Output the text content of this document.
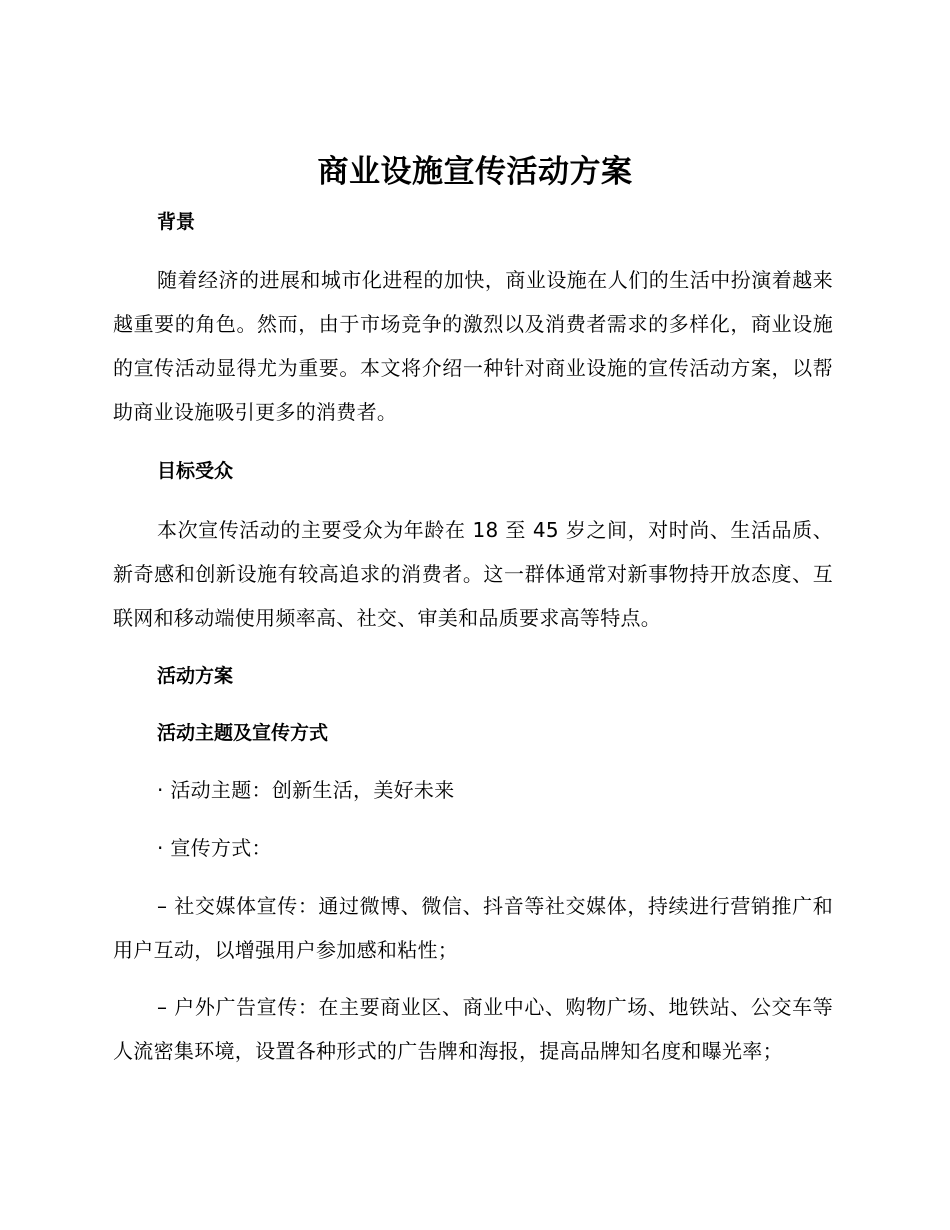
商业设施宣传活动方案
背景
随着经济的进展和城市化进程的加快，商业设施在人们的生活中扮演着越来越重要的角色。然而，由于市场竞争的激烈以及消费者需求的多样化，商业设施的宣传活动显得尤为重要。本文将介绍一种针对商业设施的宣传活动方案，以帮助商业设施吸引更多的消费者。
目标受众
本次宣传活动的主要受众为年龄在 18 至 45 岁之间，对时尚、生活品质、新奇感和创新设施有较高追求的消费者。这一群体通常对新事物持开放态度、互联网和移动端使用频率高、社交、审美和品质要求高等特点。
活动方案
活动主题及宣传方式
· 活动主题：创新生活，美好未来
· 宣传方式：
– 社交媒体宣传：通过微博、微信、抖音等社交媒体，持续进行营销推广和用户互动，以增强用户参加感和粘性；
– 户外广告宣传：在主要商业区、商业中心、购物广场、地铁站、公交车等人流密集环境，设置各种形式的广告牌和海报，提高品牌知名度和曝光率；
